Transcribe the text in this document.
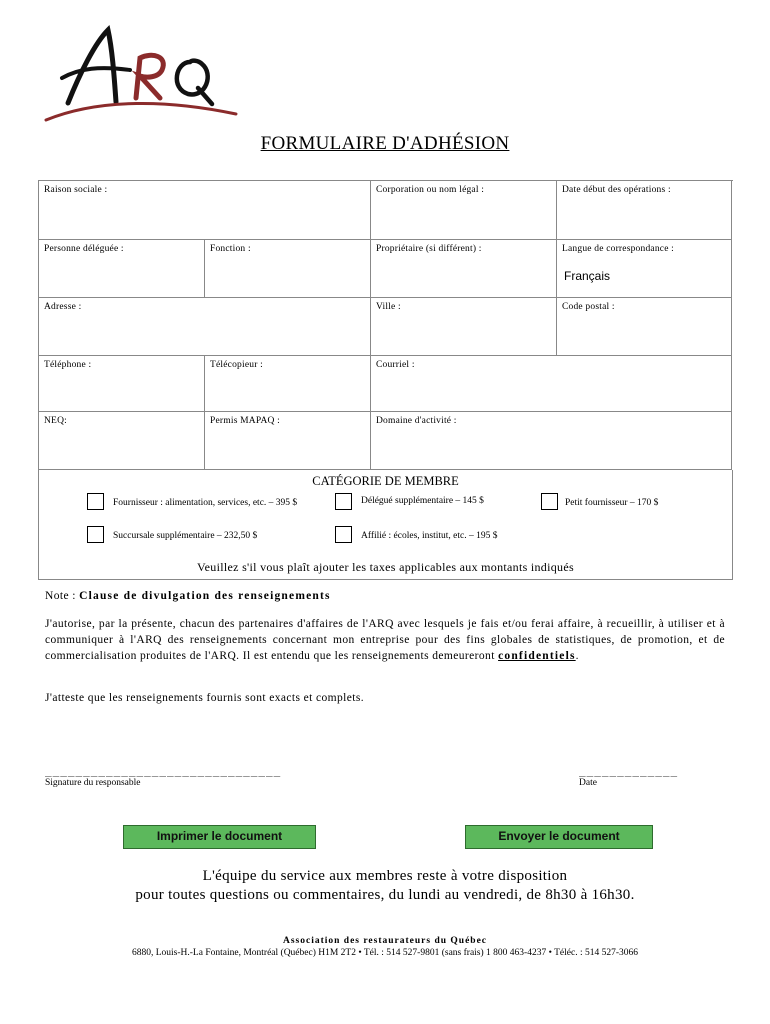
FORMULAIRE D'ADHÉSION
Raison sociale :	Corporation ou nom légal :	Date début des opérations :
Personne déléguée :	Fonction :	Propriétaire (si différent) :	Langue de correspondance :
Français
Adresse :	Ville :	Code postal :
Téléphone :	Télécopieur :	Courriel :
NEQ:	Permis MAPAQ :	Domaine d'activité :
CATÉGORIE DE MEMBRE
Fournisseur : alimentation, services, etc. – 395 $	Délégué supplémentaire – 145 $	Petit fournisseur – 170 $
Succursale supplémentaire – 232,50 $	Affilié : écoles, institut, etc. – 195 $
Veuillez s'il vous plaît ajouter les taxes applicables aux montants indiqués
Note : Clause de divulgation des renseignements
J'autorise, par la présente, chacun des partenaires d'affaires de l'ARQ avec lesquels je fais et/ou ferai affaire, à recueillir, à utiliser et à communiquer à l'ARQ des renseignements concernant mon entreprise pour des fins globales de statistiques, de promotion, et de commercialisation produites de l'ARQ. Il est entendu que les renseignements demeureront confidentiels.
J'atteste que les renseignements fournis sont exacts et complets.
_______________________________
Signature du responsable
_____________
Date
Imprimer le document	Envoyer le document
L'équipe du service aux membres reste à votre disposition
pour toutes questions ou commentaires, du lundi au vendredi, de 8h30 à 16h30.
Association des restaurateurs du Québec
6880, Louis-H.-La Fontaine, Montréal (Québec) H1M 2T2 • Tél. : 514 527-9801 (sans frais) 1 800 463-4237 • Téléc. : 514 527-3066
